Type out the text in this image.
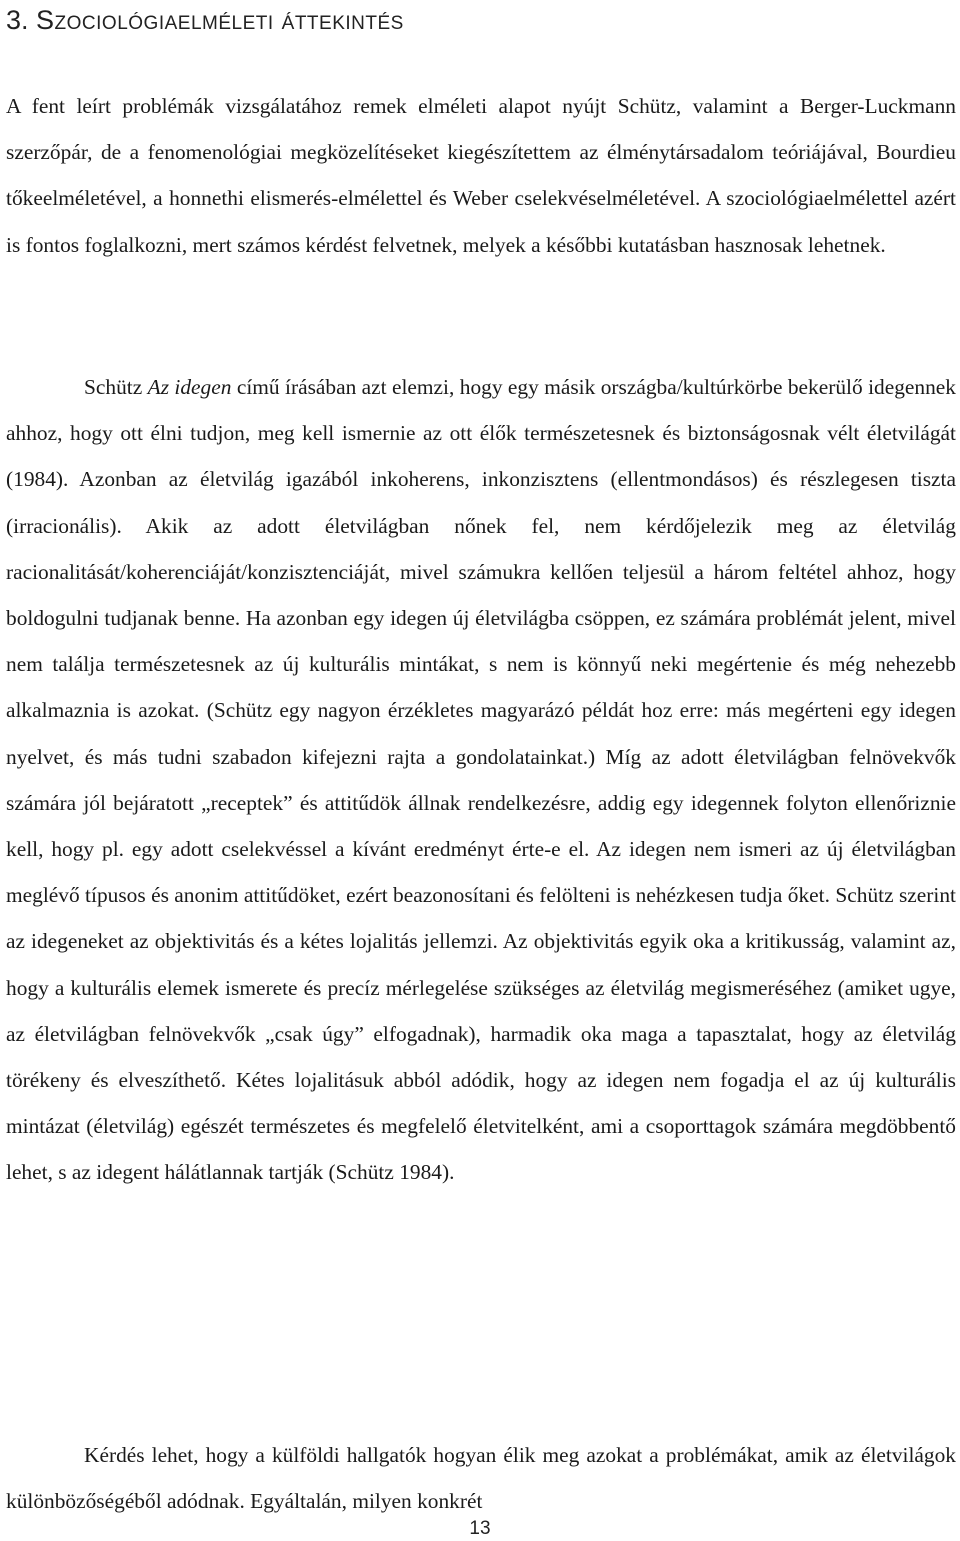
3. Szociológiaelméleti áttekintés

A fent leírt problémák vizsgálatához remek elméleti alapot nyújt Schütz, valamint a Berger-Luckmann szerzőpár, de a fenomenológiai megközelítéseket kiegészítettem az élménytársadalom teóriájával, Bourdieu tőkeelméletével, a honnethi elismerés-elmélettel és Weber cselekvéselméletével. A szociológiaelmélettel azért is fontos foglalkozni, mert számos kérdést felvetnek, melyek a későbbi kutatásban hasznosak lehetnek.

Schütz Az idegen című írásában azt elemzi, hogy egy másik országba/kultúrkörbe bekerülő idegennek ahhoz, hogy ott élni tudjon, meg kell ismernie az ott élők természetesnek és biztonságosnak vélt életvilágát (1984). Azonban az életvilág igazából inkoherens, inkonzisztens (ellentmondásos) és részlegesen tiszta (irracionális). Akik az adott életvilágban nőnek fel, nem kérdőjelezik meg az életvilág racionalitását/koherenciáját/konzisztenciáját, mivel számukra kellően teljesül a három feltétel ahhoz, hogy boldogulni tudjanak benne. Ha azonban egy idegen új életvilágba csöppen, ez számára problémát jelent, mivel nem találja természetesnek az új kulturális mintákat, s nem is könnyű neki megértenie és még nehezebb alkalmaznia is azokat. (Schütz egy nagyon érzékletes magyarázó példát hoz erre: más megérteni egy idegen nyelvet, és más tudni szabadon kifejezni rajta a gondolatainkat.) Míg az adott életvilágban felnövekvők számára jól bejáratott „receptek” és attitűdök állnak rendelkezésre, addig egy idegennek folyton ellenőriznie kell, hogy pl. egy adott cselekvéssel a kívánt eredményt érte-e el. Az idegen nem ismeri az új életvilágban meglévő típusos és anonim attitűdöket, ezért beazonosítani és felölteni is nehézkesen tudja őket. Schütz szerint az idegeneket az objektivitás és a kétes lojalitás jellemzi. Az objektivitás egyik oka a kritikusság, valamint az, hogy a kulturális elemek ismerete és precíz mérlegelése szükséges az életvilág megismeréséhez (amiket ugye, az életvilágban felnövekvők „csak úgy” elfogadnak), harmadik oka maga a tapasztalat, hogy az életvilág törékeny és elveszíthető. Kétes lojalitásuk abból adódik, hogy az idegen nem fogadja el az új kulturális mintázat (életvilág) egészét természetes és megfelelő életvitelként, ami a csoporttagok számára megdöbbentő lehet, s az idegent hálátlannak tartják (Schütz 1984).

Kérdés lehet, hogy a külföldi hallgatók hogyan élik meg azokat a problémákat, amik az életvilágok különbözőségéből adódnak. Egyáltalán, milyen konkrét

13
